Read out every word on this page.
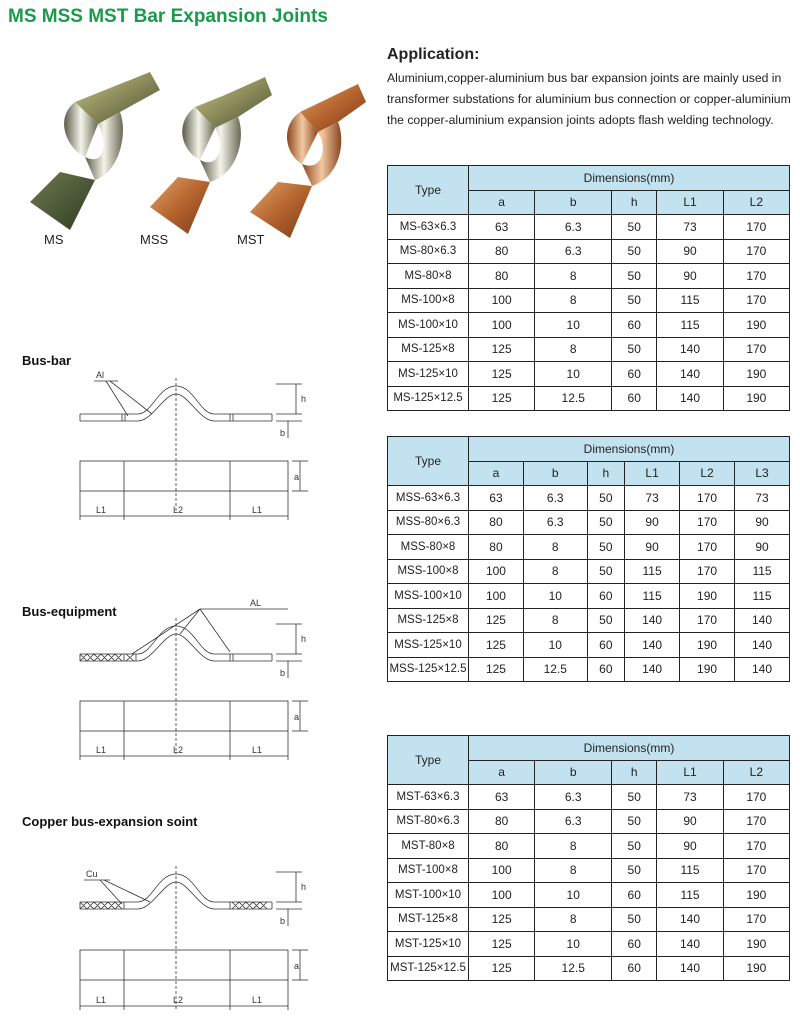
MS MSS MST Bar Expansion Joints
MS	MSS	MST
Application:

Aluminium,copper-aluminium bus bar expansion joints are mainly used in transformer substations for aluminium bus connection or copper-aluminium the copper-aluminium expansion joints adopts flash welding technology.

Bus-bar
Al
h
b
a
L1	L2	L1
Bus-equipment
AL
h
b
a
L1	L2	L1
Copper bus-expansion soint
Cu
h
b
a
L1	L2	L1
Type	Dimensions(mm)				
	a	b	h	L1	L2
MS-63×6.3	63	6.3	50	73	170
MS-80×6.3	80	6.3	50	90	170
MS-80×8	80	8	50	90	170
MS-100×8	100	8	50	115	170
MS-100×10	100	10	60	115	190
MS-125×8	125	8	50	140	170
MS-125×10	125	10	60	140	190
MS-125×12.5	125	12.5	60	140	190
Type	Dimensions(mm)					
	a	b	h	L1	L2	L3
MSS-63×6.3	63	6.3	50	73	170	73
MSS-80×6.3	80	6.3	50	90	170	90
MSS-80×8	80	8	50	90	170	90
MSS-100×8	100	8	50	115	170	115
MSS-100×10	100	10	60	115	190	115
MSS-125×8	125	8	50	140	170	140
MSS-125×10	125	10	60	140	190	140
MSS-125×12.5	125	12.5	60	140	190	140
Type	Dimensions(mm)				
	a	b	h	L1	L2
MST-63×6.3	63	6.3	50	73	170
MST-80×6.3	80	6.3	50	90	170
MST-80×8	80	8	50	90	170
MST-100×8	100	8	50	115	170
MST-100×10	100	10	60	115	190
MST-125×8	125	8	50	140	170
MST-125×10	125	10	60	140	190
MST-125×12.5	125	12.5	60	140	190
